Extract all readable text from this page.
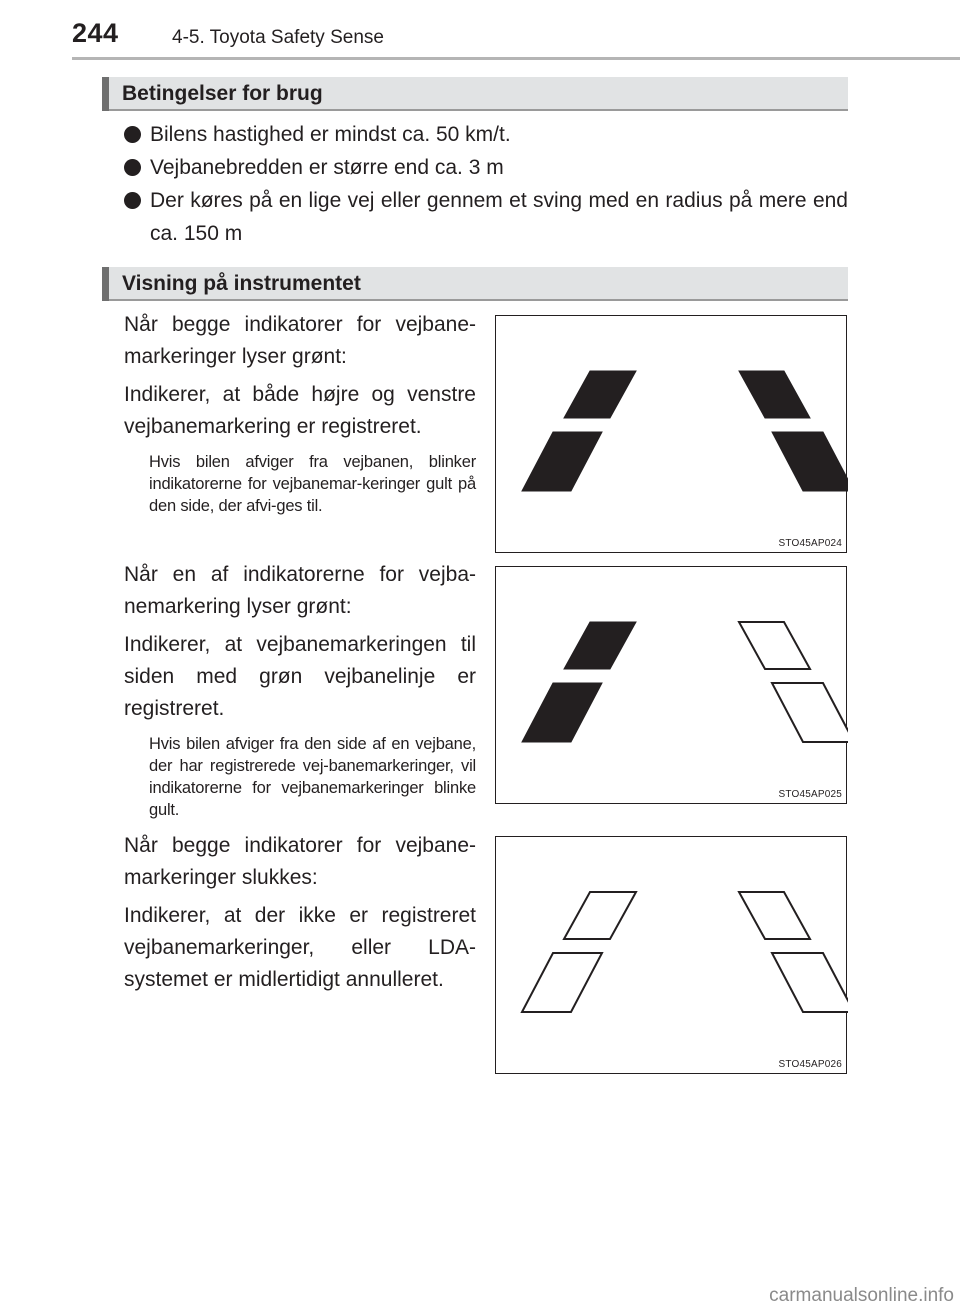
244	4-5. Toyota Safety Sense
Betingelser for brug
Bilens hastighed er mindst ca. 50 km/t.
Vejbanebredden er større end ca. 3 m
Der køres på en lige vej eller gennem et sving med en radius på mere end ca. 150 m
Visning på instrumentet

Når begge indikatorer for vejbane-markeringer lyser grønt:

Indikerer, at både højre og venstre vejbanemarkering er registreret.

Hvis bilen afviger fra vejbanen, blinker indikatorerne for vejbanemar-keringer gult på den side, der afvi-ges til.

STO45AP024

Når en af indikatorerne for vejba-nemarkering lyser grønt:

Indikerer, at vejbanemarkeringen til siden med grøn vejbanelinje er registreret.

Hvis bilen afviger fra den side af en vejbane, der har registrerede vej-banemarkeringer, vil indikatorerne for vejbanemarkeringer blinke gult.

STO45AP025

Når begge indikatorer for vejbane-markeringer slukkes:

Indikerer, at der ikke er registreret vejbanemarkeringer, eller LDA-systemet er midlertidigt annulleret.

STO45AP026
carmanualsonline.info
